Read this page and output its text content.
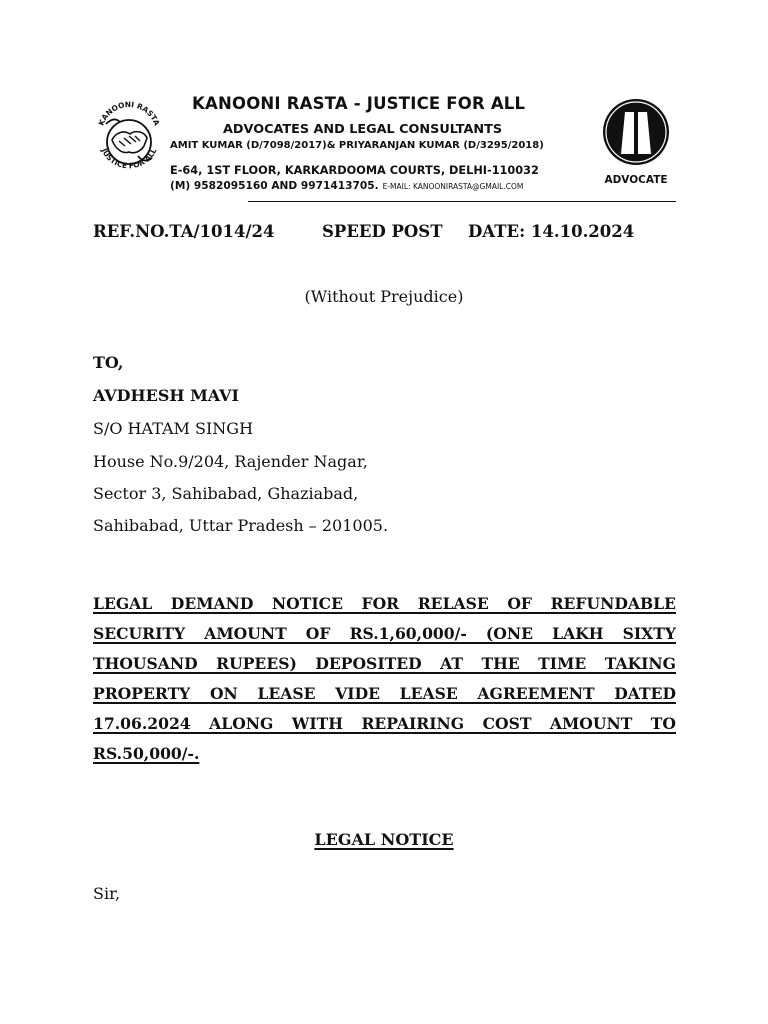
KANOONI RASTA
JUSTICE FOR ALL
KANOONI RASTA - JUSTICE FOR ALL
ADVOCATES AND LEGAL CONSULTANTS
AMIT KUMAR (D/7098/2017)& PRIYARANJAN KUMAR (D/3295/2018)
E-64, 1ST FLOOR, KARKARDOOMA COURTS, DELHI-110032
(M) 9582095160 AND 9971413705. E-MAIL: KANOONIRASTA@GMAIL.COM
ADVOCATE
REF.NO.TA/1014/24	SPEED POST DATE: 14.10.2024
(Without Prejudice)
TO,
AVDHESH MAVI
S/O HATAM SINGH
House No.9/204, Rajender Nagar,
Sector 3, Sahibabad, Ghaziabad,
Sahibabad, Uttar Pradesh – 201005.
LEGAL DEMAND NOTICE FOR RELASE OF REFUNDABLE SECURITY AMOUNT OF RS.1,60,000/- (ONE LAKH SIXTY THOUSAND RUPEES) DEPOSITED AT THE TIME TAKING PROPERTY ON LEASE VIDE LEASE AGREEMENT DATED 17.06.2024 ALONG WITH REPAIRING COST AMOUNT TO RS.50,000/-.
LEGAL NOTICE
Sir,
